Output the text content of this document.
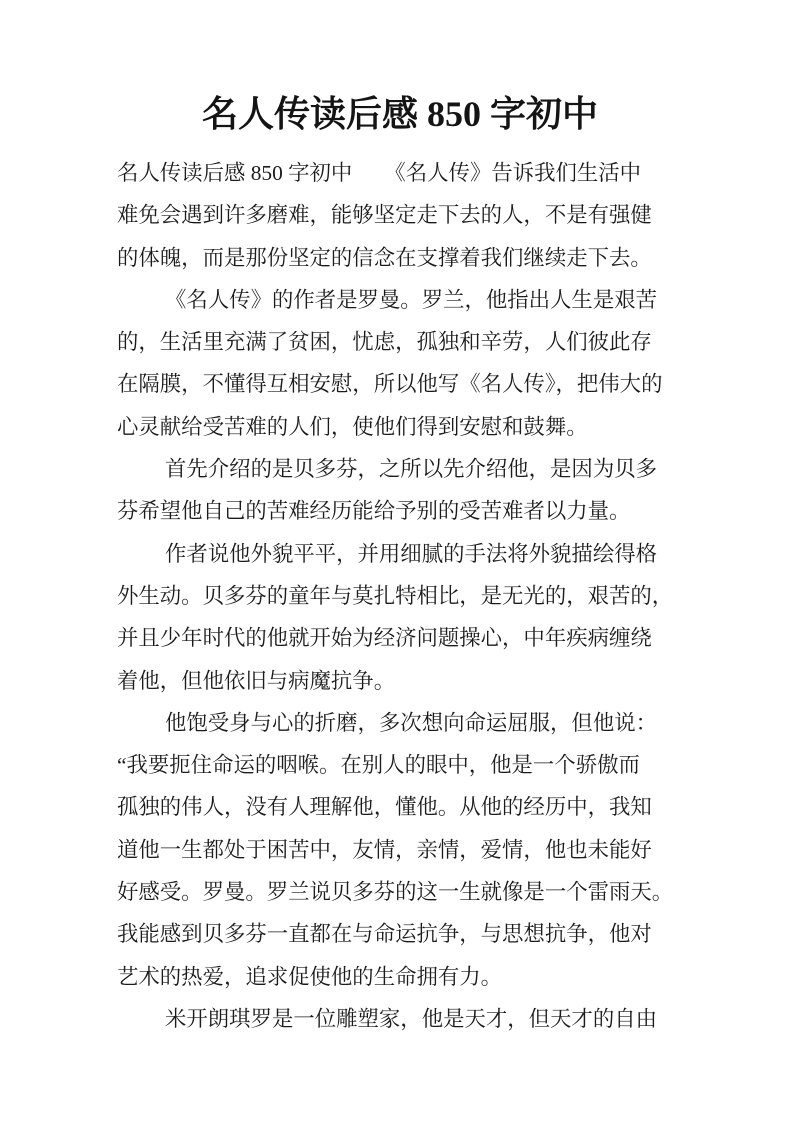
名人传读后感 850 字初中
名人传读后感 850 字初中　　《名人传》告诉我们生活中
难免会遇到许多磨难，能够坚定走下去的人，不是有强健
的体魄，而是那份坚定的信念在支撑着我们继续走下去。
《名人传》的作者是罗曼。罗兰，他指出人生是艰苦
的，生活里充满了贫困，忧虑，孤独和辛劳，人们彼此存
在隔膜，不懂得互相安慰，所以他写《名人传》，把伟大的
心灵献给受苦难的人们，使他们得到安慰和鼓舞。
首先介绍的是贝多芬，之所以先介绍他，是因为贝多
芬希望他自己的苦难经历能给予别的受苦难者以力量。
作者说他外貌平平，并用细腻的手法将外貌描绘得格
外生动。贝多芬的童年与莫扎特相比，是无光的，艰苦的，
并且少年时代的他就开始为经济问题操心，中年疾病缠绕
着他，但他依旧与病魔抗争。
他饱受身与心的折磨，多次想向命运屈服，但他说：
“我要扼住命运的咽喉。在别人的眼中，他是一个骄傲而
孤独的伟人，没有人理解他，懂他。从他的经历中，我知
道他一生都处于困苦中，友情，亲情，爱情，他也未能好
好感受。罗曼。罗兰说贝多芬的这一生就像是一个雷雨天。
我能感到贝多芬一直都在与命运抗争，与思想抗争，他对
艺术的热爱，追求促使他的生命拥有力。
米开朗琪罗是一位雕塑家，他是天才，但天才的自由
